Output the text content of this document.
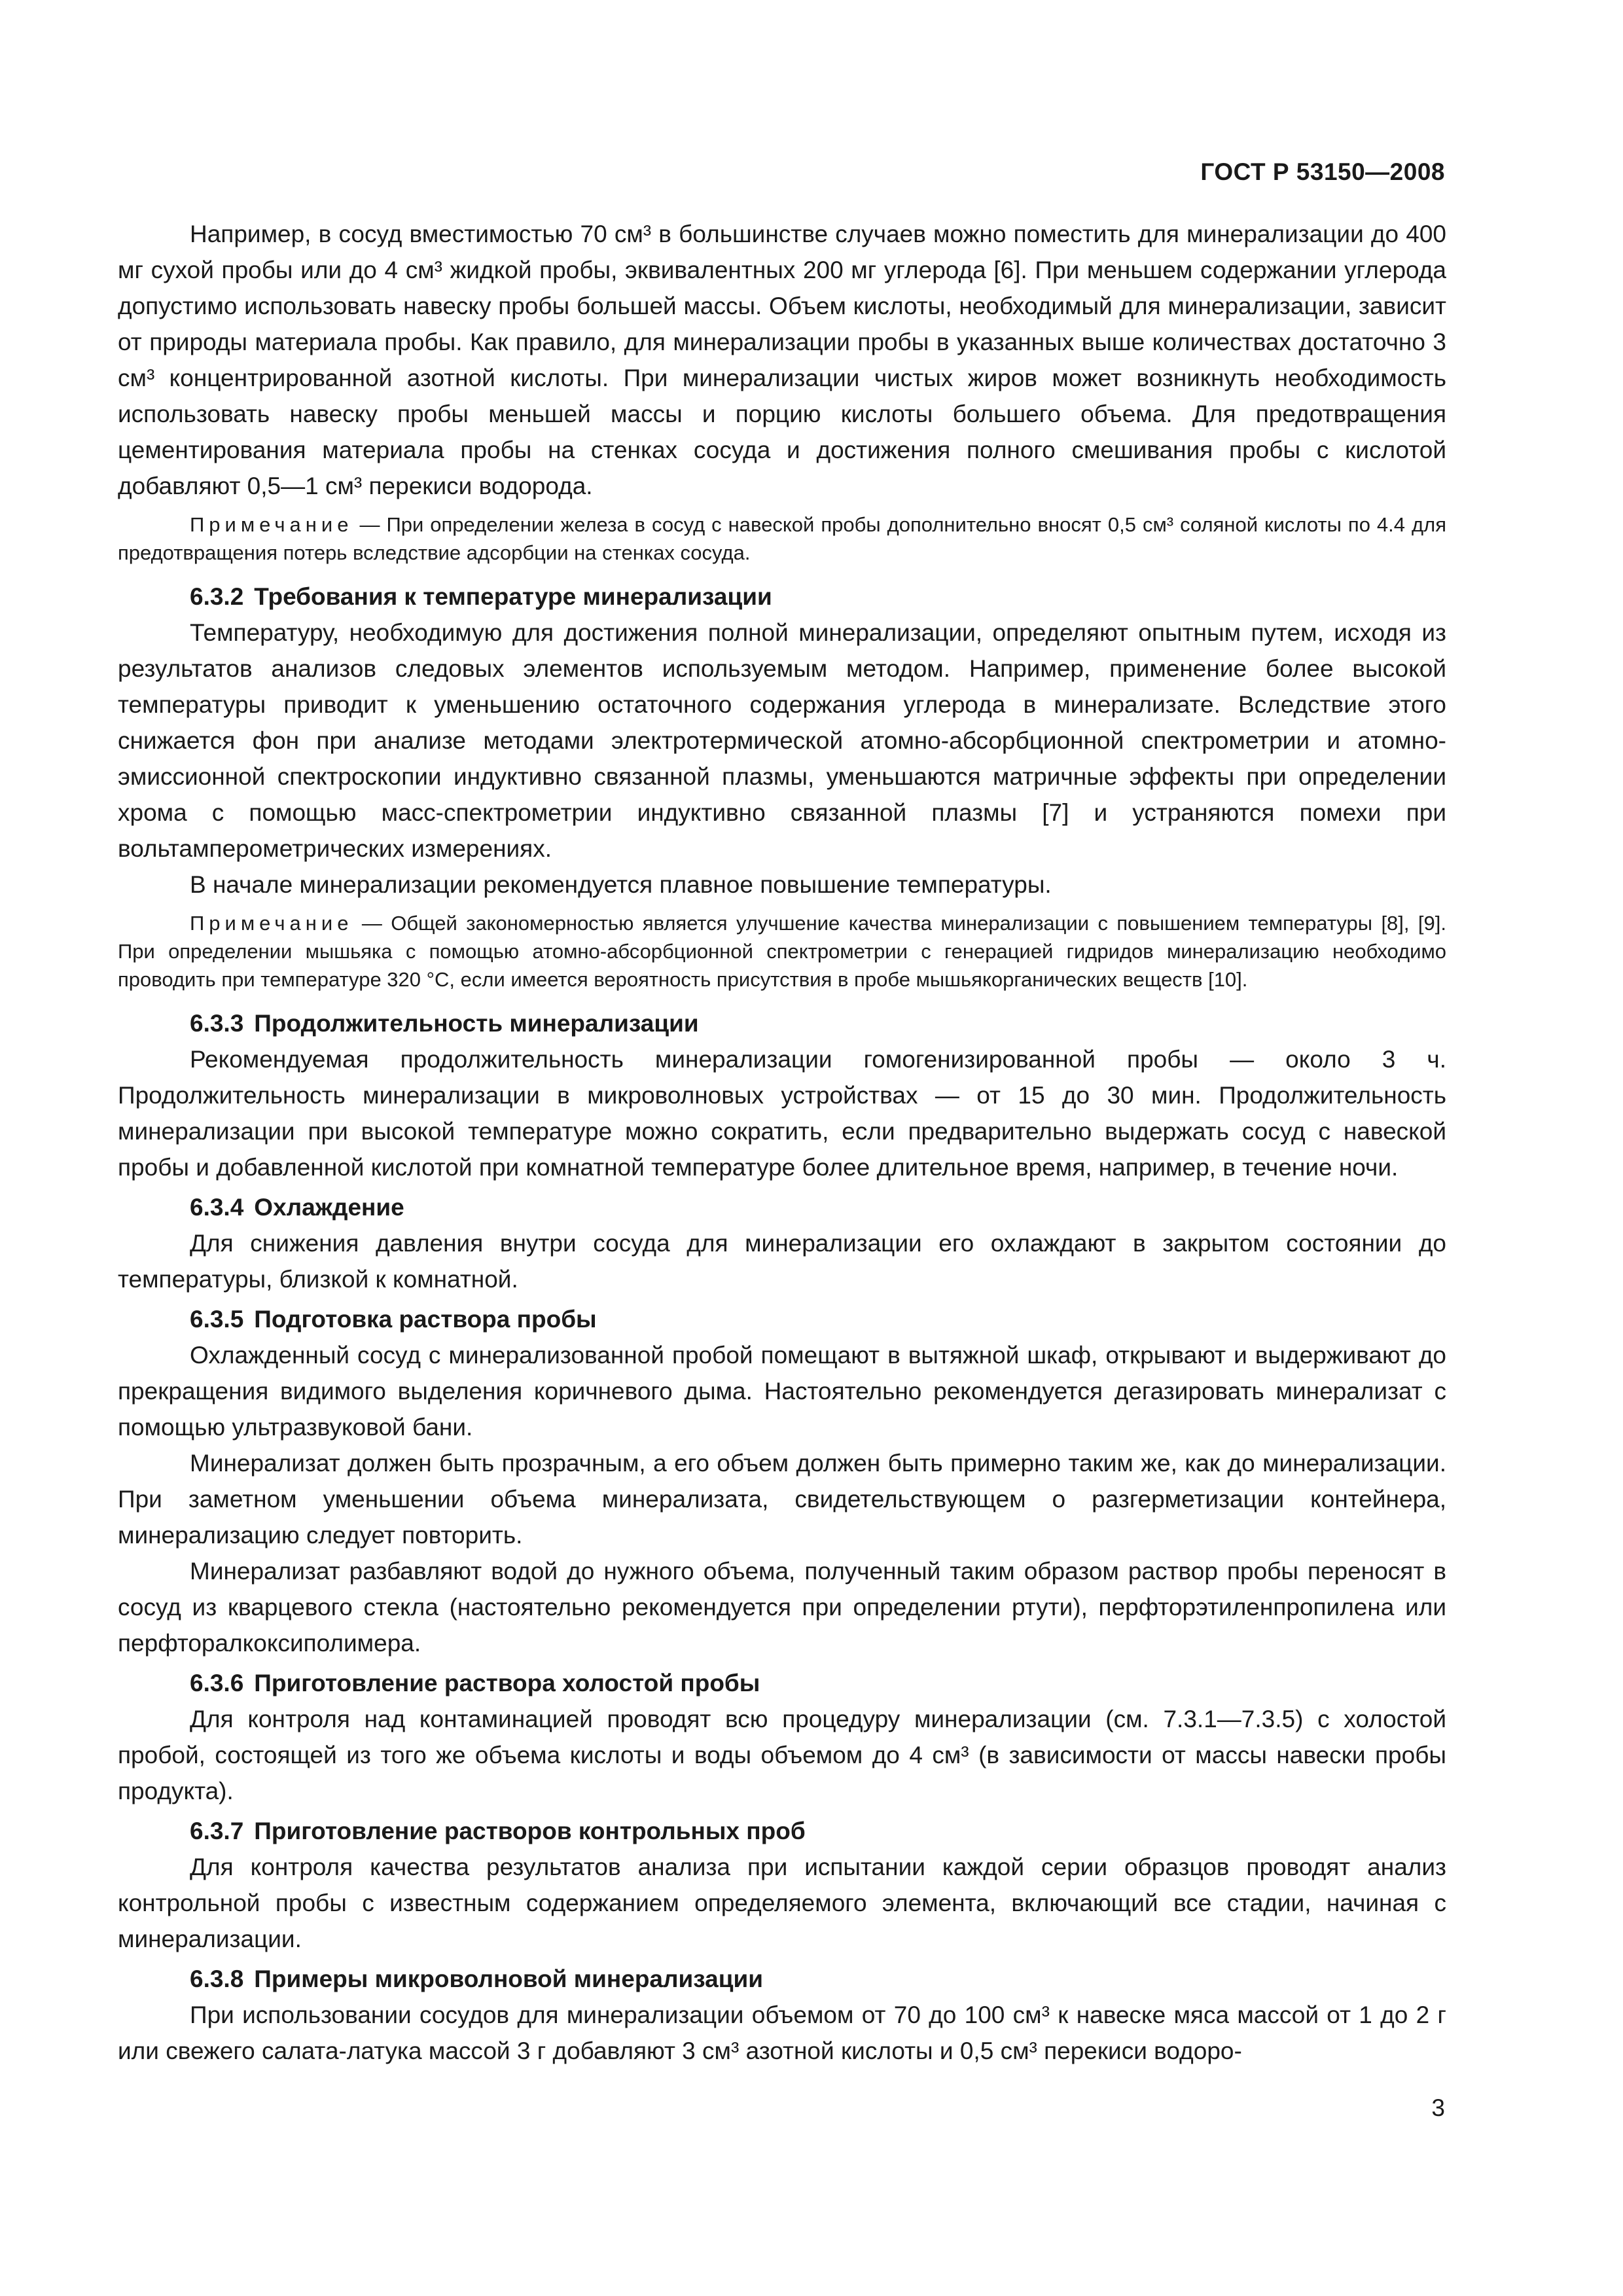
ГОСТ Р 53150—2008

Например, в сосуд вместимостью 70 см³ в большинстве случаев можно поместить для минерализации до 400 мг сухой пробы или до 4 см³ жидкой пробы, эквивалентных 200 мг углерода [6]. При меньшем содержании углерода допустимо использовать навеску пробы большей массы. Объем кислоты, необходимый для минерализации, зависит от природы материала пробы. Как правило, для минерализации пробы в указанных выше количествах достаточно 3 см³ концентрированной азотной кислоты. При минерализации чистых жиров может возникнуть необходимость использовать навеску пробы меньшей массы и порцию кислоты большего объема. Для предотвращения цементирования материала пробы на стенках сосуда и достижения полного смешивания пробы с кислотой добавляют 0,5—1 см³ перекиси водорода.

Примечание — При определении железа в сосуд с навеской пробы дополнительно вносят 0,5 см³ соляной кислоты по 4.4 для предотвращения потерь вследствие адсорбции на стенках сосуда.

6.3.2 Требования к температуре минерализации

Температуру, необходимую для достижения полной минерализации, определяют опытным путем, исходя из результатов анализов следовых элементов используемым методом. Например, применение более высокой температуры приводит к уменьшению остаточного содержания углерода в минерализате. Вследствие этого снижается фон при анализе методами электротермической атомно-абсорбционной спектрометрии и атомно-эмиссионной спектроскопии индуктивно связанной плазмы, уменьшаются матричные эффекты при определении хрома с помощью масс-спектрометрии индуктивно связанной плазмы [7] и устраняются помехи при вольтамперометрических измерениях.

В начале минерализации рекомендуется плавное повышение температуры.

Примечание — Общей закономерностью является улучшение качества минерализации с повышением температуры [8], [9]. При определении мышьяка с помощью атомно-абсорбционной спектрометрии с генерацией гидридов минерализацию необходимо проводить при температуре 320 °С, если имеется вероятность присутствия в пробе мышьякорганических веществ [10].

6.3.3 Продолжительность минерализации

Рекомендуемая продолжительность минерализации гомогенизированной пробы — около 3 ч. Продолжительность минерализации в микроволновых устройствах — от 15 до 30 мин. Продолжительность минерализации при высокой температуре можно сократить, если предварительно выдержать сосуд с навеской пробы и добавленной кислотой при комнатной температуре более длительное время, например, в течение ночи.

6.3.4 Охлаждение

Для снижения давления внутри сосуда для минерализации его охлаждают в закрытом состоянии до температуры, близкой к комнатной.

6.3.5 Подготовка раствора пробы

Охлажденный сосуд с минерализованной пробой помещают в вытяжной шкаф, открывают и выдерживают до прекращения видимого выделения коричневого дыма. Настоятельно рекомендуется дегазировать минерализат с помощью ультразвуковой бани.

Минерализат должен быть прозрачным, а его объем должен быть примерно таким же, как до минерализации. При заметном уменьшении объема минерализата, свидетельствующем о разгерметизации контейнера, минерализацию следует повторить.

Минерализат разбавляют водой до нужного объема, полученный таким образом раствор пробы переносят в сосуд из кварцевого стекла (настоятельно рекомендуется при определении ртути), перфторэтиленпропилена или перфторалкоксиполимера.

6.3.6 Приготовление раствора холостой пробы

Для контроля над контаминацией проводят всю процедуру минерализации (см. 7.3.1—7.3.5) с холостой пробой, состоящей из того же объема кислоты и воды объемом до 4 см³ (в зависимости от массы навески пробы продукта).

6.3.7 Приготовление растворов контрольных проб

Для контроля качества результатов анализа при испытании каждой серии образцов проводят анализ контрольной пробы с известным содержанием определяемого элемента, включающий все стадии, начиная с минерализации.

6.3.8 Примеры микроволновой минерализации

При использовании сосудов для минерализации объемом от 70 до 100 см³ к навеске мяса массой от 1 до 2 г или свежего салата-латука массой 3 г добавляют 3 см³ азотной кислоты и 0,5 см³ перекиси водоро-

3
